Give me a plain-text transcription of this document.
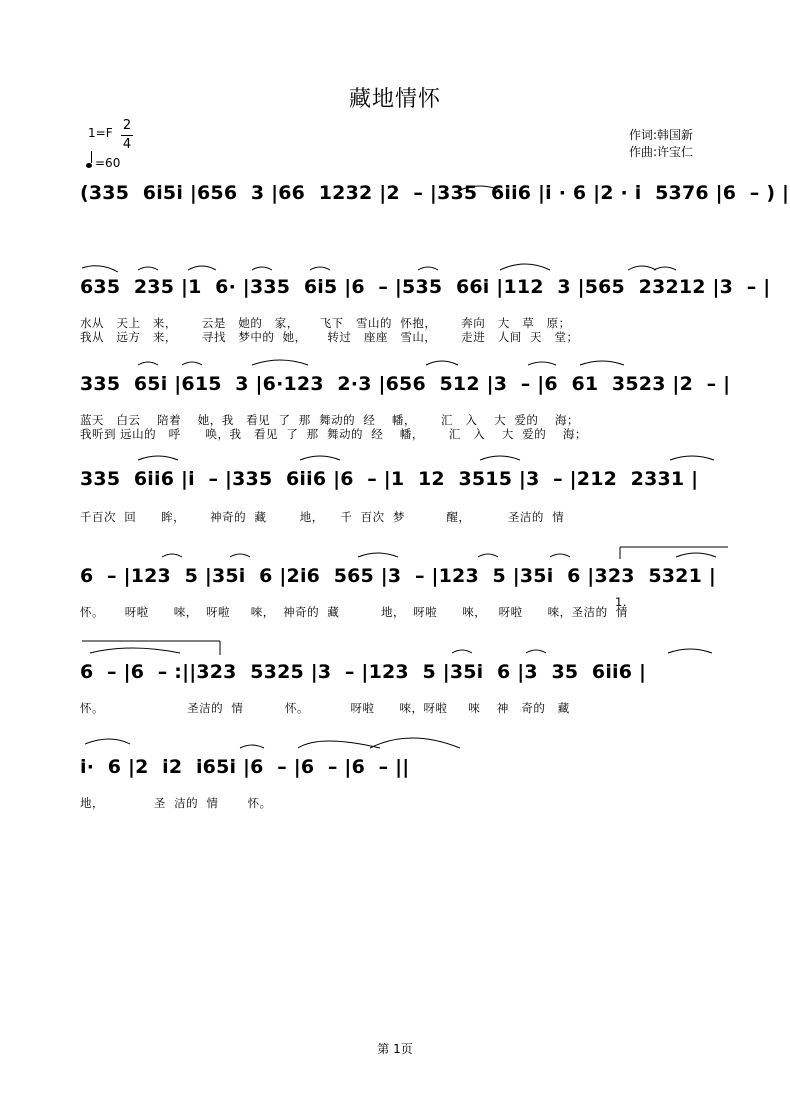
藏地情怀
1=F 2
4
=60
作词:韩国新
作曲:许宝仁
(335  6i5i |656  3 |66  1232 |2  – |335  6ii6 |i · 6 |2 · i  5376 |6  – ) |
635  235 |1  6· |335  6i5 |6  – |535  66i |112  3 |565  23212 |3  – |
水从   天上   来，      云是   她的   家，     飞下   雪山的  怀抱，      奔向   大   草   原；
我从   远方   来，      寻找   梦中的  她，     转过   座座   雪山，      走进   人间  天   堂；
335  65i |615  3 |6·123  2·3 |656  512 |3  – |6  61  3523 |2  – |
蓝天   白云    陪着    她，我   看见  了  那  舞动的  经    幡，      汇   入    大  爱的    海；
我听到 远山的   呼      唤，我   看见  了  那  舞动的  经    幡，      汇   入    大  爱的    海；
335  6ii6 |i  – |335  6ii6 |6  – |1  12  3515 |3  – |212  2331 |
千百次  回      眸，      神奇的  藏        地，    千  百次  梦          醒，         圣洁的  情
6  – |123  5 |35i  6 |2i6  565 |3  – |123  5 |35i  6 |323  5321 |
怀。     呀啦      唻，  呀啦     唻，  神奇的  藏          地，  呀啦      唻，   呀啦      唻，圣洁的  情
1.
6  – |6  – :||323  5325 |3  – |123  5 |35i  6 |3  35  6ii6 |
怀。                    圣洁的  情          怀。          呀啦      唻，呀啦     唻    神   奇的   藏
i·  6 |2  i2  i65i |6  – |6  – |6  – ||
地，            圣  洁的  情       怀。
第 1页
